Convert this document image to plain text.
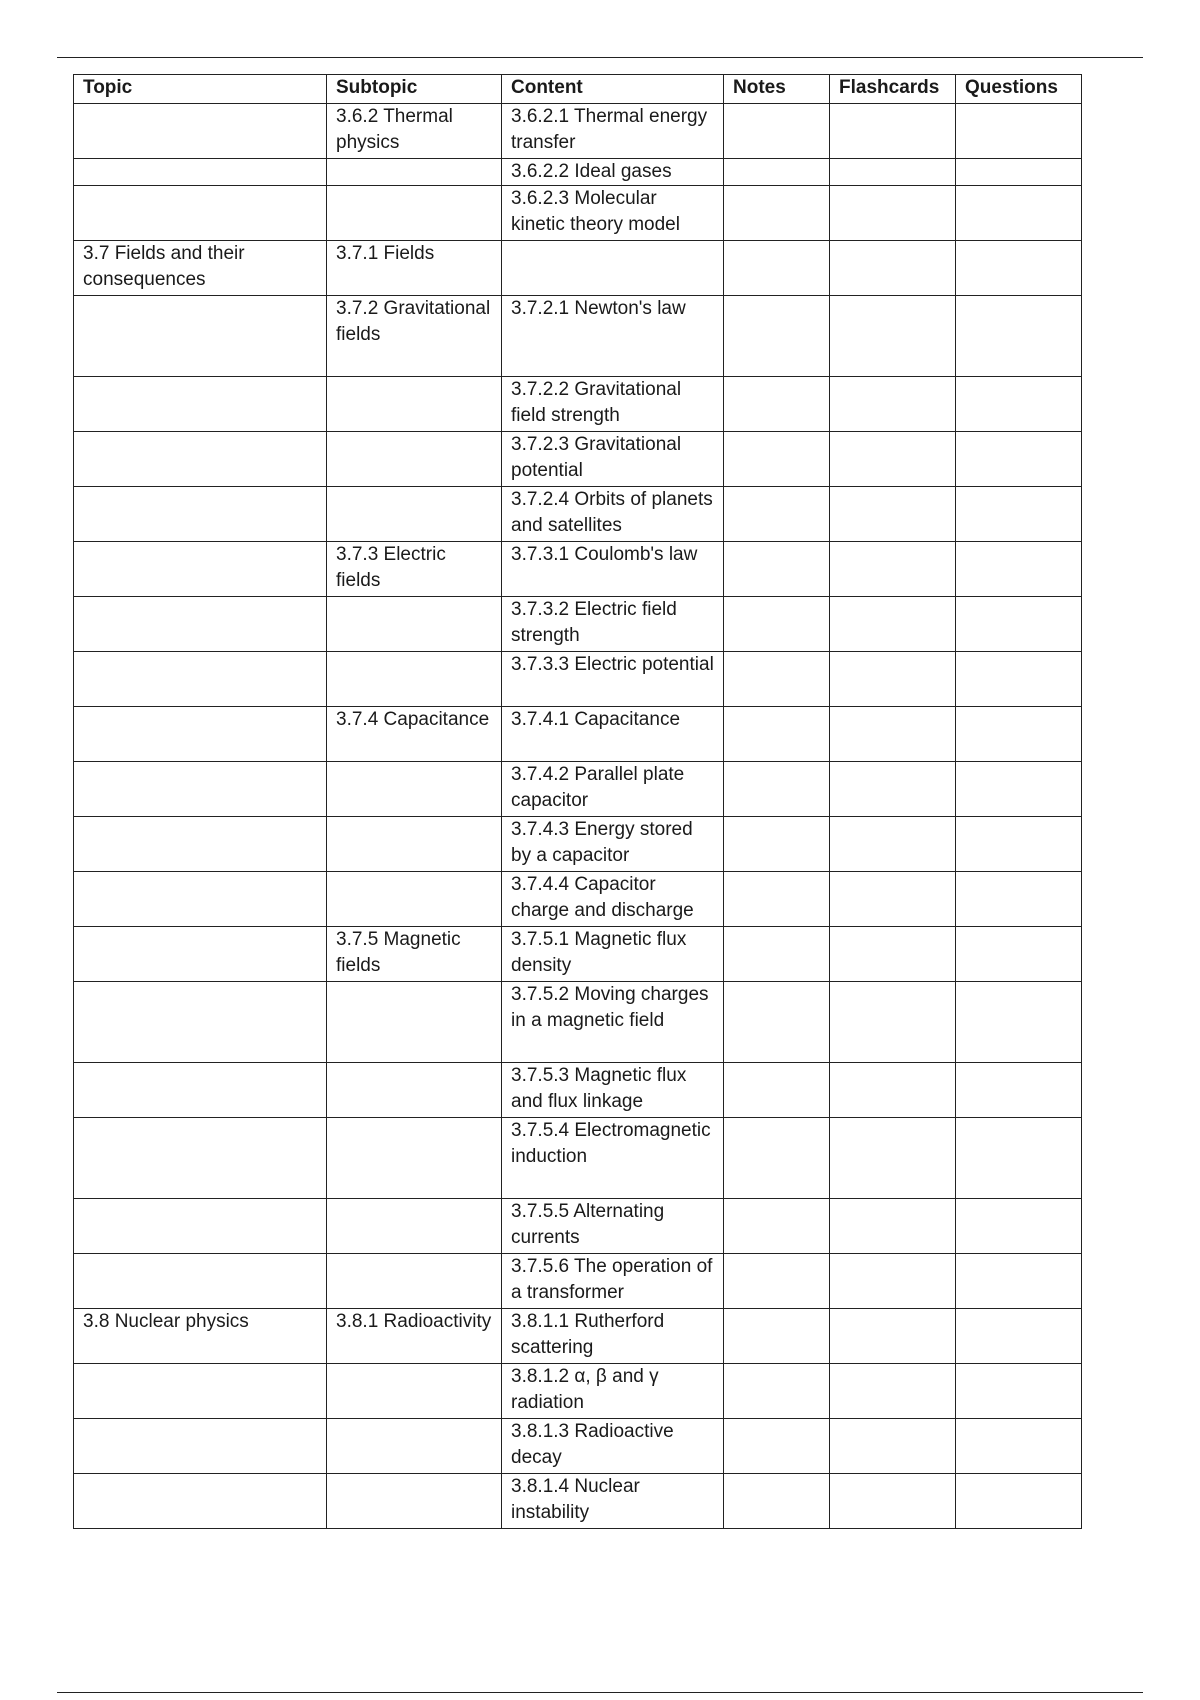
Topic	Subtopic	Content	Notes	Flashcards	Questions
	3.6.2 Thermal physics	3.6.2.1 Thermal energy transfer			
		3.6.2.2 Ideal gases			
		3.6.2.3 Molecular kinetic theory model			
3.7 Fields and their consequences	3.7.1 Fields				
	3.7.2 Gravitational fields	3.7.2.1 Newton's law			
		3.7.2.2 Gravitational field strength			
		3.7.2.3 Gravitational potential			
		3.7.2.4 Orbits of planets and satellites			
	3.7.3 Electric fields	3.7.3.1 Coulomb's law			
		3.7.3.2 Electric field strength			
		3.7.3.3 Electric potential			
	3.7.4 Capacitance	3.7.4.1 Capacitance			
		3.7.4.2 Parallel plate capacitor			
		3.7.4.3 Energy stored by a capacitor			
		3.7.4.4 Capacitor charge and discharge			
	3.7.5 Magnetic fields	3.7.5.1 Magnetic flux density			
		3.7.5.2 Moving charges in a magnetic field			
		3.7.5.3 Magnetic flux and flux linkage			
		3.7.5.4 Electromagnetic induction			
		3.7.5.5 Alternating currents			
		3.7.5.6 The operation of a transformer			
3.8 Nuclear physics	3.8.1 Radioactivity	3.8.1.1 Rutherford scattering			
		3.8.1.2 α, β and γ radiation			
		3.8.1.3 Radioactive decay			
		3.8.1.4 Nuclear instability			
